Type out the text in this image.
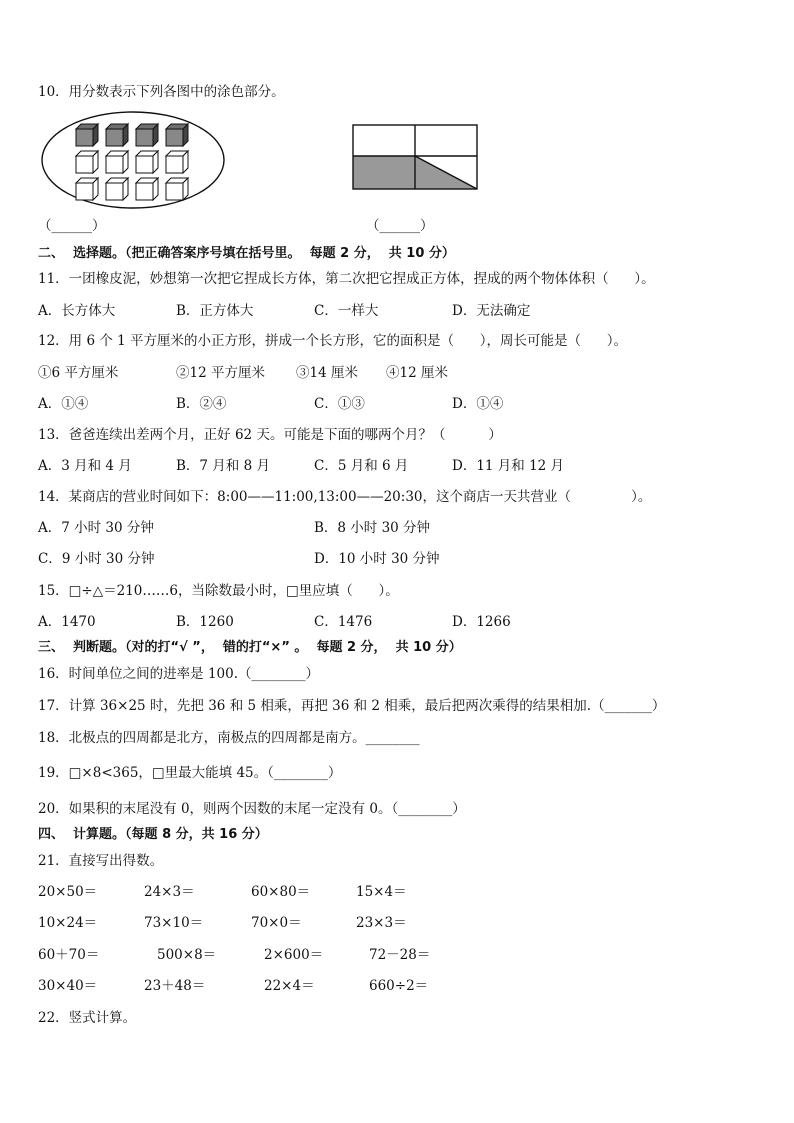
10．用分数表示下列各图中的涂色部分。
（______）	（______）
二、  选择题。（把正确答案序号填在括号里。  每题 2 分，  共 10 分）
11．一团橡皮泥，妙想第一次把它捏成长方体，第二次把它捏成正方体，捏成的两个物体体积（      ）。
A．长方体大	B．正方体大	C．一样大	D．无法确定
12．用 6 个 1 平方厘米的小正方形，拼成一个长方形，它的面积是（      ），周长可能是（      ）。
①6 平方厘米	②12 平方厘米 ③14 厘米 ④12 厘米
A．①④	B．②④	C．①③	D．①④
13．爸爸连续出差两个月，正好 62 天。可能是下面的哪两个月？（          ）
A．3 月和 4 月	B．7 月和 8 月	C．5 月和 6 月	D．11 月和 12 月
14．某商店的营业时间如下：8:00——11:00,13:00——20:30，这个商店一天共营业（              ）。
A．7 小时 30 分钟	B．8 小时 30 分钟
C．9 小时 30 分钟	D．10 小时 30 分钟
15．□÷△＝210……6，当除数最小时，□里应填（      ）。
A．1470	B．1260	C．1476	D．1266
三、  判断题。（对的打“√ ”，  错的打“×” 。  每题 2 分，  共 10 分）
16．时间单位之间的进率是 100.（________）
17．计算 36×25 时，先把 36 和 5 相乘，再把 36 和 2 相乘，最后把两次乘得的结果相加.（_______）
18．北极点的四周都是北方，南极点的四周都是南方。________
19．□×8<365，□里最大能填 45。（________）
20．如果积的末尾没有 0，则两个因数的末尾一定没有 0。（________）
四、  计算题。（每题 8 分，共 16 分）
21．直接写出得数。
20×50＝	24×3＝	60×80＝	15×4＝
10×24＝	73×10＝	70×0＝	23×3＝
60＋70＝	500×8＝	2×600＝	72－28＝
30×40＝	23＋48＝	22×4＝	660÷2＝
22．竖式计算。
